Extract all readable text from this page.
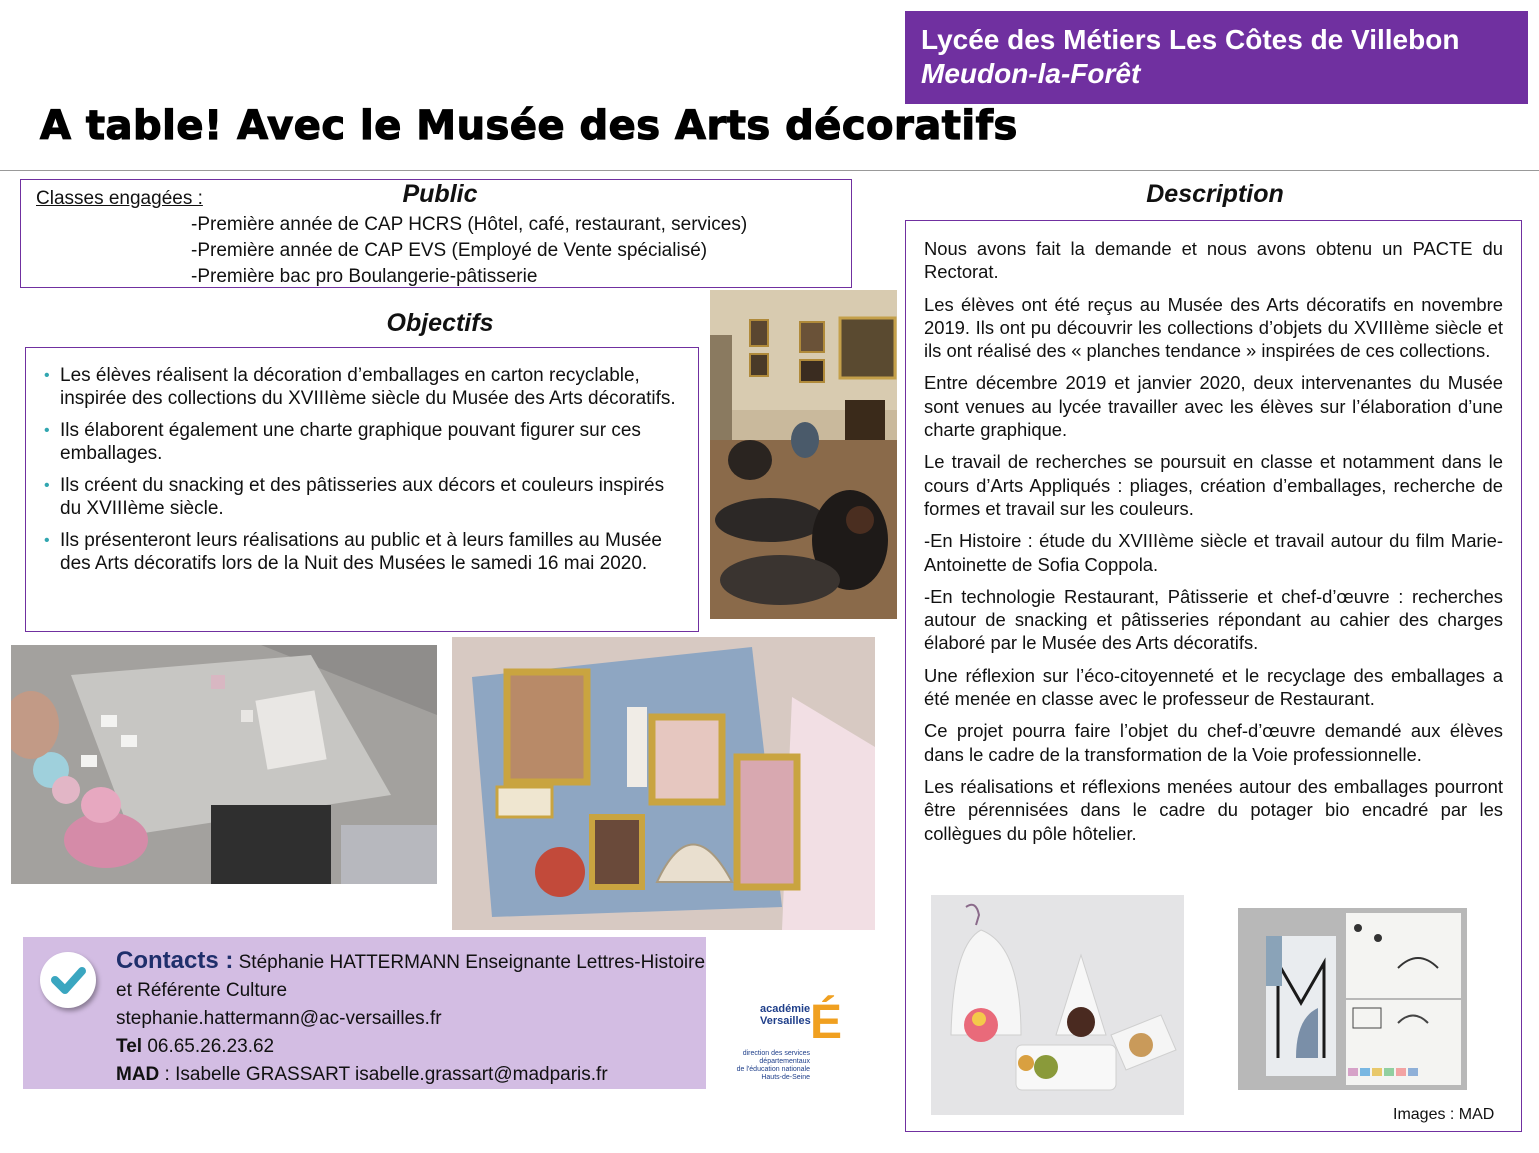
Lycée des Métiers Les Côtes de Villebon
Meudon-la-Forêt
A table! Avec le Musée des Arts décoratifs
Public
Classes engagées :
-Première année de CAP HCRS (Hôtel, café, restaurant, services)
-Première année de CAP EVS (Employé de Vente spécialisé)
-Première bac pro Boulangerie-pâtisserie
Objectifs
• Les élèves réalisent la décoration d’emballages en carton recyclable, inspirée des collections du XVIIIème siècle du Musée des Arts décoratifs.
• Ils élaborent également une charte graphique pouvant figurer sur ces emballages.
• Ils créent du snacking et des pâtisseries aux décors et couleurs inspirés du XVIIIème siècle.
• Ils présenteront leurs réalisations au public et à leurs familles au Musée des Arts décoratifs lors de la Nuit des Musées le samedi 16 mai 2020.
Description

Nous avons fait la demande et nous avons obtenu un PACTE du Rectorat.

Les élèves ont été reçus au Musée des Arts décoratifs en novembre 2019. Ils ont pu découvrir les collections d’objets du XVIIIème siècle et ils ont réalisé des « planches tendance » inspirées de ces collections.

Entre décembre 2019 et janvier 2020, deux intervenantes du Musée sont venues au lycée travailler avec les élèves sur l’élaboration d’une charte graphique.

Le travail de recherches se poursuit en classe et notamment dans le cours d’Arts Appliqués : pliages, création d’emballages, recherche de formes et travail sur les couleurs.

-En Histoire : étude du XVIIIème siècle et travail autour du film Marie-Antoinette de Sofia Coppola.

-En technologie Restaurant, Pâtisserie et chef-d’œuvre : recherches autour de snacking et pâtisseries répondant au cahier des charges élaboré par le Musée des Arts décoratifs.

Une réflexion sur l’éco-citoyenneté et le recyclage des emballages a été menée en classe avec le professeur de Restaurant.

Ce projet pourra faire l’objet du chef-d’œuvre demandé aux élèves dans le cadre de la transformation de la Voie professionnelle.

Les réalisations et réflexions menées autour des emballages pourront être pérennisées dans le cadre du potager bio encadré par les collègues du pôle hôtelier.

Images : MAD
Contacts : Stéphanie HATTERMANN Enseignante Lettres-Histoire et Référente Culture
stephanie.hattermann@ac-versailles.fr
Tel 06.65.26.23.62
MAD : Isabelle GRASSART isabelle.grassart@madparis.fr
académie
Versailles É
direction des services
départementaux
de l'éducation nationale
Hauts-de-Seine
